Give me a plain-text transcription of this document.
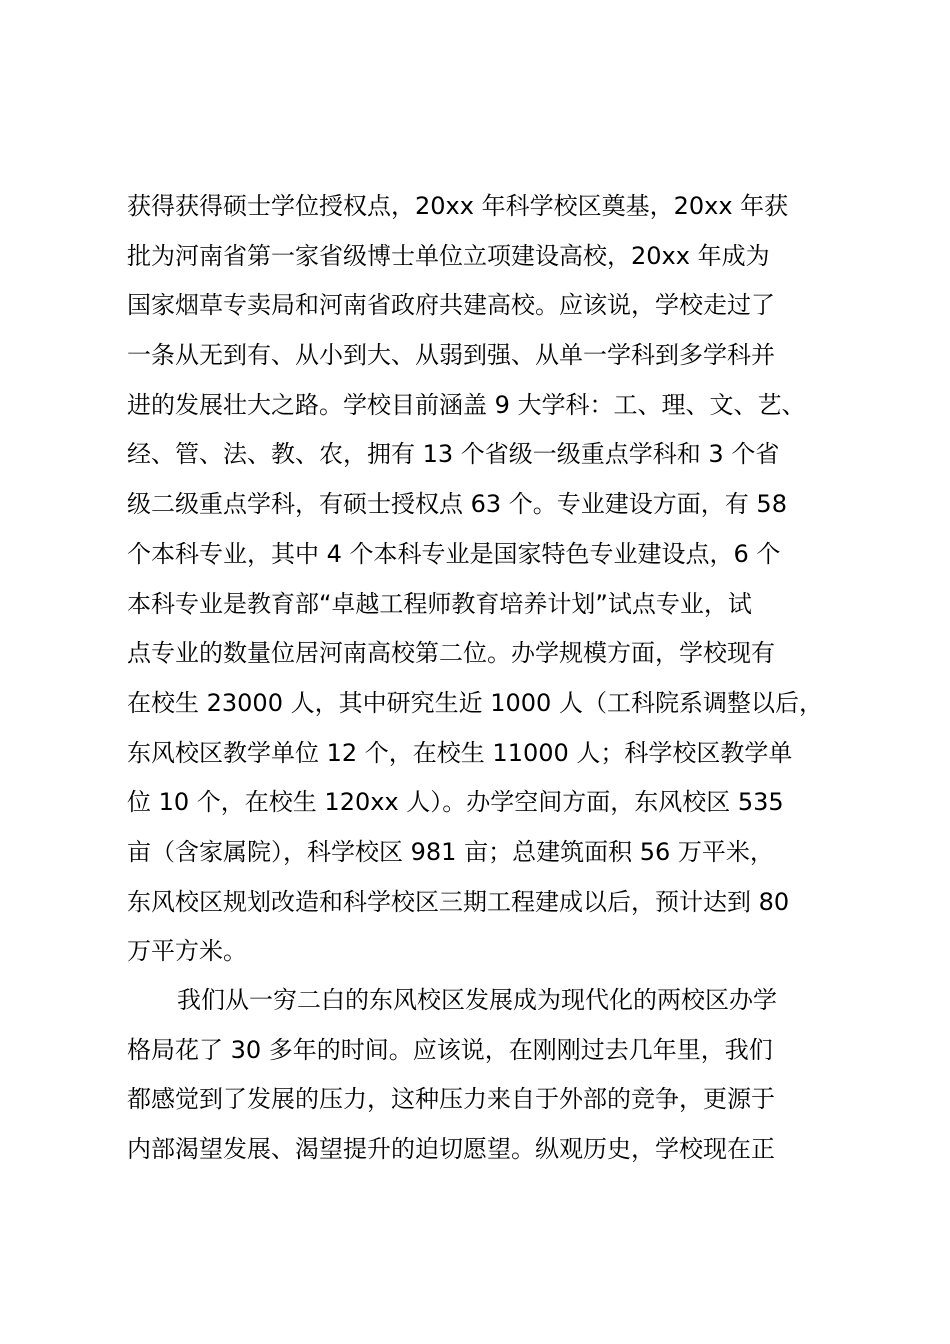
获得获得硕士学位授权点，20xx 年科学校区奠基，20xx 年获
批为河南省第一家省级博士单位立项建设高校，20xx 年成为
国家烟草专卖局和河南省政府共建高校。应该说，学校走过了
一条从无到有、从小到大、从弱到强、从单一学科到多学科并
进的发展壮大之路。学校目前涵盖 9 大学科：工、理、文、艺、
经、管、法、教、农，拥有 13 个省级一级重点学科和 3 个省
级二级重点学科，有硕士授权点 63 个。专业建设方面，有 58
个本科专业，其中 4 个本科专业是国家特色专业建设点，6 个
本科专业是教育部“卓越工程师教育培养计划”试点专业，试
点专业的数量位居河南高校第二位。办学规模方面，学校现有
在校生 23000 人，其中研究生近 1000 人（工科院系调整以后，
东风校区教学单位 12 个，在校生 11000 人；科学校区教学单
位 10 个，在校生 120xx 人）。办学空间方面，东风校区 535
亩（含家属院），科学校区 981 亩；总建筑面积 56 万平米，
东风校区规划改造和科学校区三期工程建成以后，预计达到 80
万平方米。
我们从一穷二白的东风校区发展成为现代化的两校区办学
格局花了 30 多年的时间。应该说，在刚刚过去几年里，我们
都感觉到了发展的压力，这种压力来自于外部的竞争，更源于
内部渴望发展、渴望提升的迫切愿望。纵观历史，学校现在正
